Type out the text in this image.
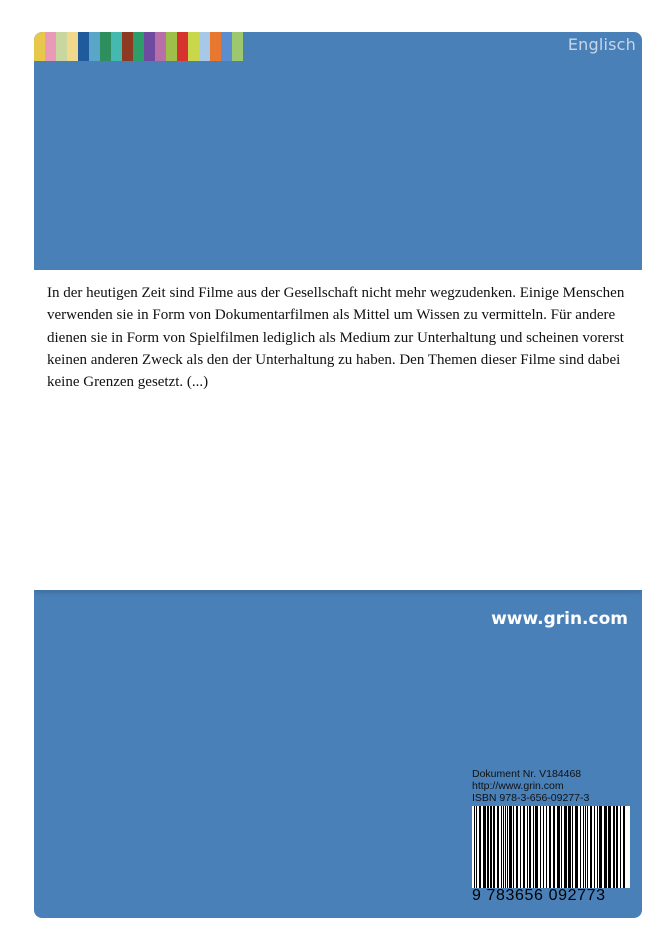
Englisch

In der heutigen Zeit sind Filme aus der Gesellschaft nicht mehr wegzudenken. Einige Menschen verwenden sie in Form von Dokumentarfilmen als Mittel um Wissen zu vermitteln. Für andere dienen sie in Form von Spielfilmen lediglich als Medium zur Unterhaltung und scheinen vorerst keinen anderen Zweck als den der Unterhaltung zu haben. Den Themen dieser Filme sind dabei keine Grenzen gesetzt. (...)

www.grin.com
Dokument Nr. V184468
http://www.grin.com
ISBN 978-3-656-09277-3
9 783656 092773
